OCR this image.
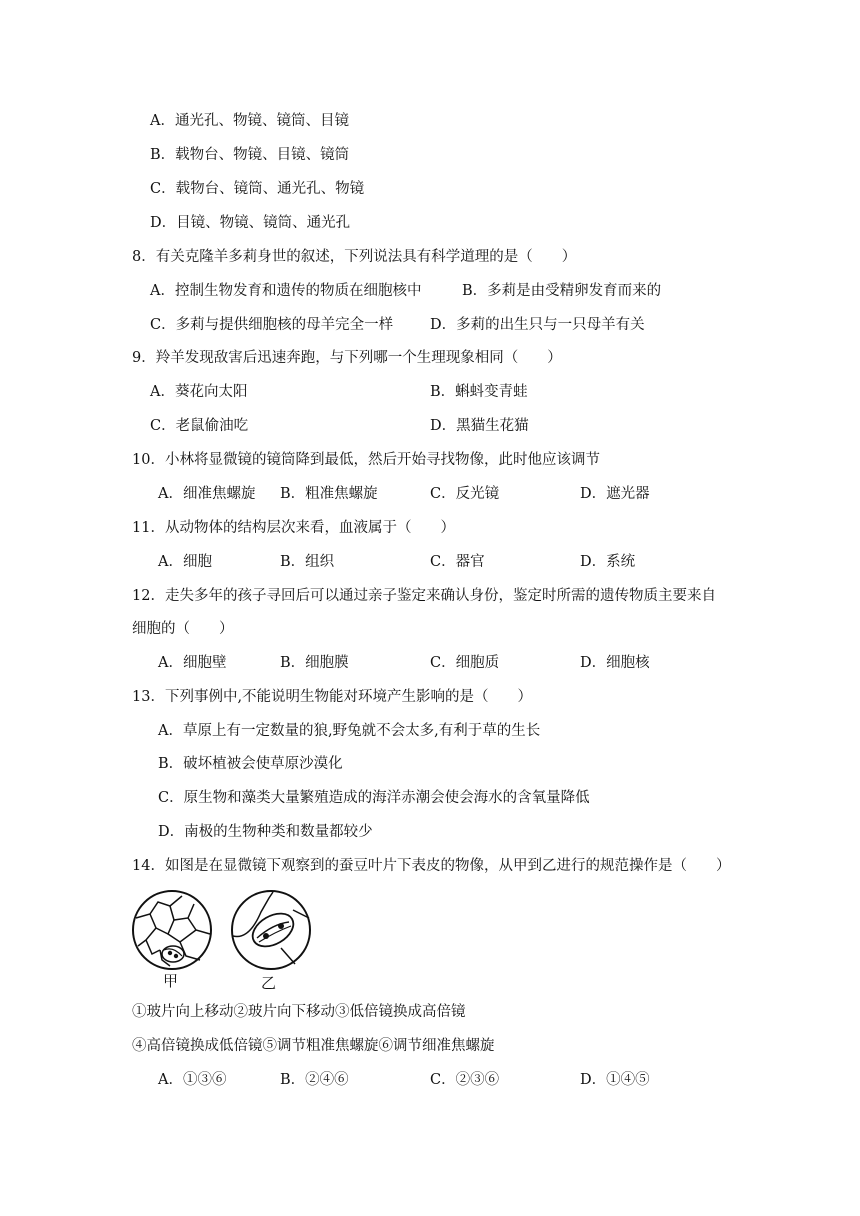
A．通光孔、物镜、镜筒、目镜
B．载物台、物镜、目镜、镜筒
C．载物台、镜筒、通光孔、物镜
D．目镜、物镜、镜筒、通光孔
8．有关克隆羊多莉身世的叙述，下列说法具有科学道理的是（　　）
A．控制生物发育和遗传的物质在细胞核中	B．多莉是由受精卵发育而来的
C．多莉与提供细胞核的母羊完全一样	D．多莉的出生只与一只母羊有关
9．羚羊发现敌害后迅速奔跑，与下列哪一个生理现象相同（　　）
A．葵花向太阳	B．蝌蚪变青蛙
C．老鼠偷油吃	D．黑猫生花猫
10．小林将显微镜的镜筒降到最低，然后开始寻找物像，此时他应该调节
A．细准焦螺旋 B．粗准焦螺旋	C．反光镜	D．遮光器
11．从动物体的结构层次来看，血液属于（　　）
A．细胞	B．组织	C．器官	D．系统
12．走失多年的孩子寻回后可以通过亲子鉴定来确认身份，鉴定时所需的遗传物质主要来自
细胞的（　　）
A．细胞壁	B．细胞膜	C．细胞质	D．细胞核
13．下列事例中,不能说明生物能对环境产生影响的是（　　）
A．草原上有一定数量的狼,野兔就不会太多,有利于草的生长
B．破坏植被会使草原沙漠化
C．原生物和藻类大量繁殖造成的海洋赤潮会使会海水的含氧量降低
D．南极的生物种类和数量都较少
14．如图是在显微镜下观察到的蚕豆叶片下表皮的物像，从甲到乙进行的规范操作是（　　）
甲	乙
①玻片向上移动②玻片向下移动③低倍镜换成高倍镜
④高倍镜换成低倍镜⑤调节粗准焦螺旋⑥调节细准焦螺旋
A．①③⑥	B．②④⑥	C．②③⑥	D．①④⑤
